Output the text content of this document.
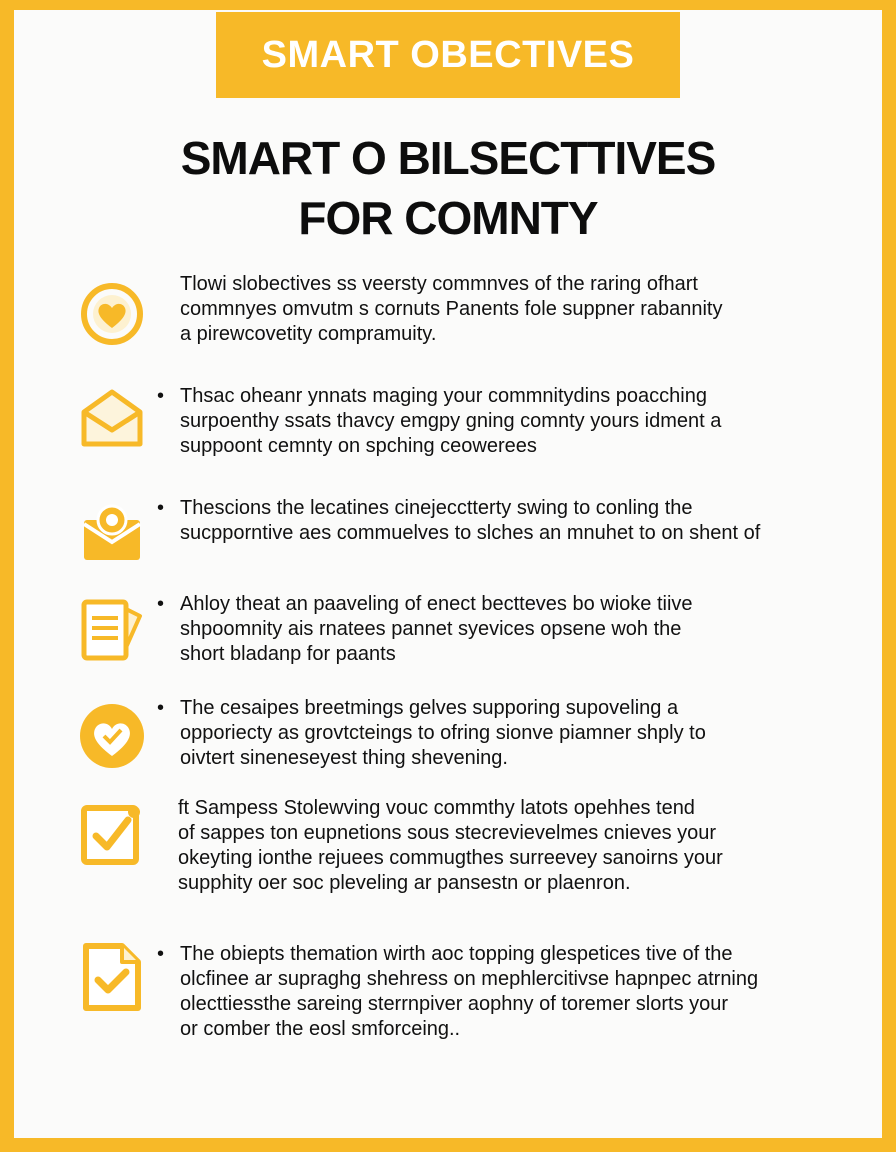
SMART OBECTIVES
SMART O BILSECTTIVES
FOR COMNTY
Tlowi slobectives ss veersty commnves of the raring ofhart
commnyes omvutm s cornuts Panents fole suppner rabannity
a pirewcovetity compramuity.
• Thsac oheanr ynnats maging your commnitydins poacching
surpoenthy ssats thavcy emgpy gning comnty yours idment a
suppoont cemnty on spching ceowerees
• Thescions the lecatines cinejecctterty swing to conling the
sucpporntive aes commuelves to slches an mnuhet to on shent of
• Ahloy theat an paaveling of enect bectteves bo wioke tiive
shpoomnity ais rnatees pannet syevices opsene woh the
short bladanp for paants
• The cesaipes breetmings gelves supporing supoveling a
opporiecty as grovtcteings to ofring sionve piamner shply to
oivtert sineneseyest thing shevening.
ft Sampess Stolewving vouc commthy latots opehhes tend
of sappes ton eupnetions sous stecrevievelmes cnieves your
okeyting ionthe rejuees commugthes surreevey sanoirns your
supphity oer soc pleveling ar pansestn or plaenron.
• The obiepts themation wirth aoc topping glespetices tive of the
olcfinee ar supraghg shehress on mephlercitivse hapnpec atrning
olecttiessthe sareing sterrnpiver aophny of toremer slorts your
or comber the eosl smforceing..
